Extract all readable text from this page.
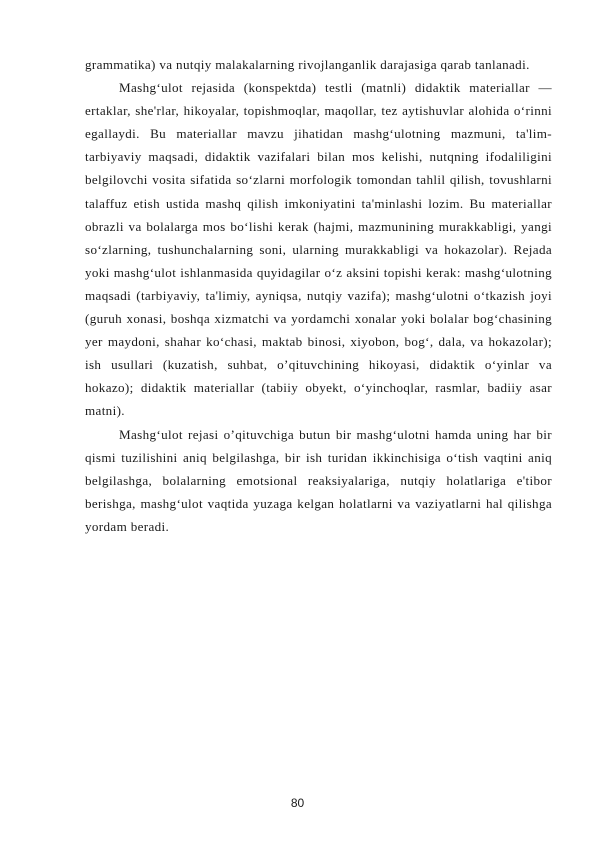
grammatika) va nutqiy malakalarning rivojlanganlik darajasiga qarab tanlanadi.

Mashg‘ulot rejasida (konspektda) testli (matnli) didaktik materiallar —ertaklar, she'rlar, hikoyalar, topishmoqlar, maqollar, tez aytishuvlar alohida o‘rinni egallaydi. Bu materiallar mavzu jihatidan mashg‘ulotning mazmuni, ta'lim-tarbiyaviy maqsadi, didaktik vazifalari bilan mos kelishi, nutqning ifodaliligini belgilovchi vosita sifatida so‘zlarni morfologik tomondan tahlil qilish, tovushlarni talaffuz etish ustida mashq qilish imkoniyatini ta'minlashi lozim. Bu materiallar obrazli va bolalarga mos bo‘lishi kerak (hajmi, mazmunining murakkabligi, yangi so‘zlarning, tushunchalarning soni, ularning murakkabligi va hokazolar). Rejada yoki mashg‘ulot ishlanmasida quyidagilar o‘z aksini topishi kerak: mashg‘ulotning maqsadi (tarbiyaviy, ta'limiy, ayniqsa, nutqiy vazifa); mashg‘ulotni o‘tkazish joyi (guruh xonasi, boshqa xizmatchi va yordamchi xonalar yoki bolalar bog‘chasining yer maydoni, shahar ko‘chasi, maktab binosi, xiyobon, bog‘, dala, va hokazolar); ish usullari (kuzatish, suhbat, o’qituvchining hikoyasi, didaktik o‘yinlar va hokazo); didaktik materiallar (tabiiy obyekt, o‘yinchoqlar, rasmlar, badiiy asar matni).

Mashg‘ulot rejasi o’qituvchiga butun bir mashg‘ulotni hamda uning har bir qismi tuzilishini aniq belgilashga, bir ish turidan ikkinchisiga o‘tish vaqtini aniq belgilashga, bolalarning emotsional reaksiyalariga, nutqiy holatlariga e'tibor berishga, mashg‘ulot vaqtida yuzaga kelgan holatlarni va vaziyatlarni hal qilishga yordam beradi.

80
